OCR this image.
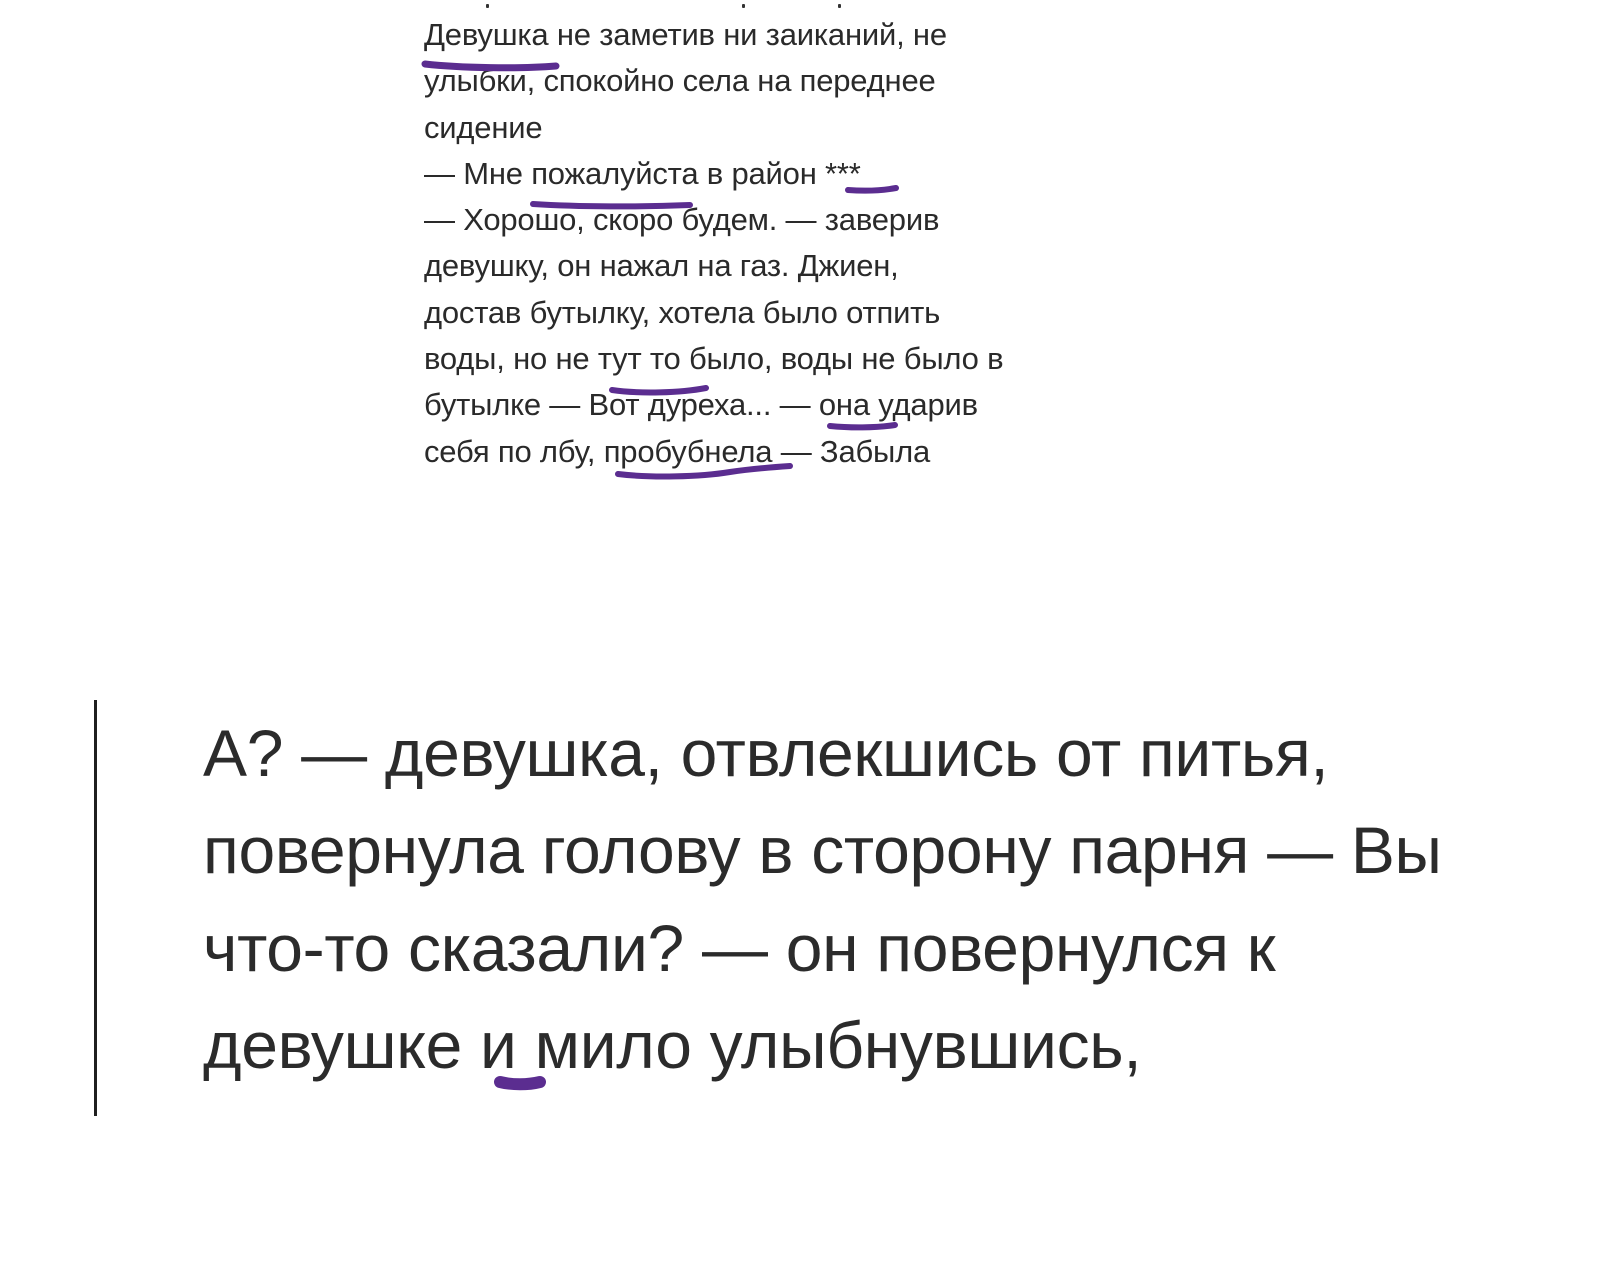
Девушка не заметив ни заиканий, не
улыбки, спокойно села на переднее
сидение
— Мне пожалуйста в район ***
— Хорошо, скоро будем. — заверив
девушку, он нажал на газ. Джиен,
достав бутылку, хотела было отпить
воды, но не тут то было, воды не было в
бутылке — Вот дуреха... — она ударив
себя по лбу, пробубнела — Забыла
А? — девушка, отвлекшись от питья,
повернула голову в сторону парня — Вы
что-то сказали? — он повернулся к
девушке и мило улыбнувшись,
